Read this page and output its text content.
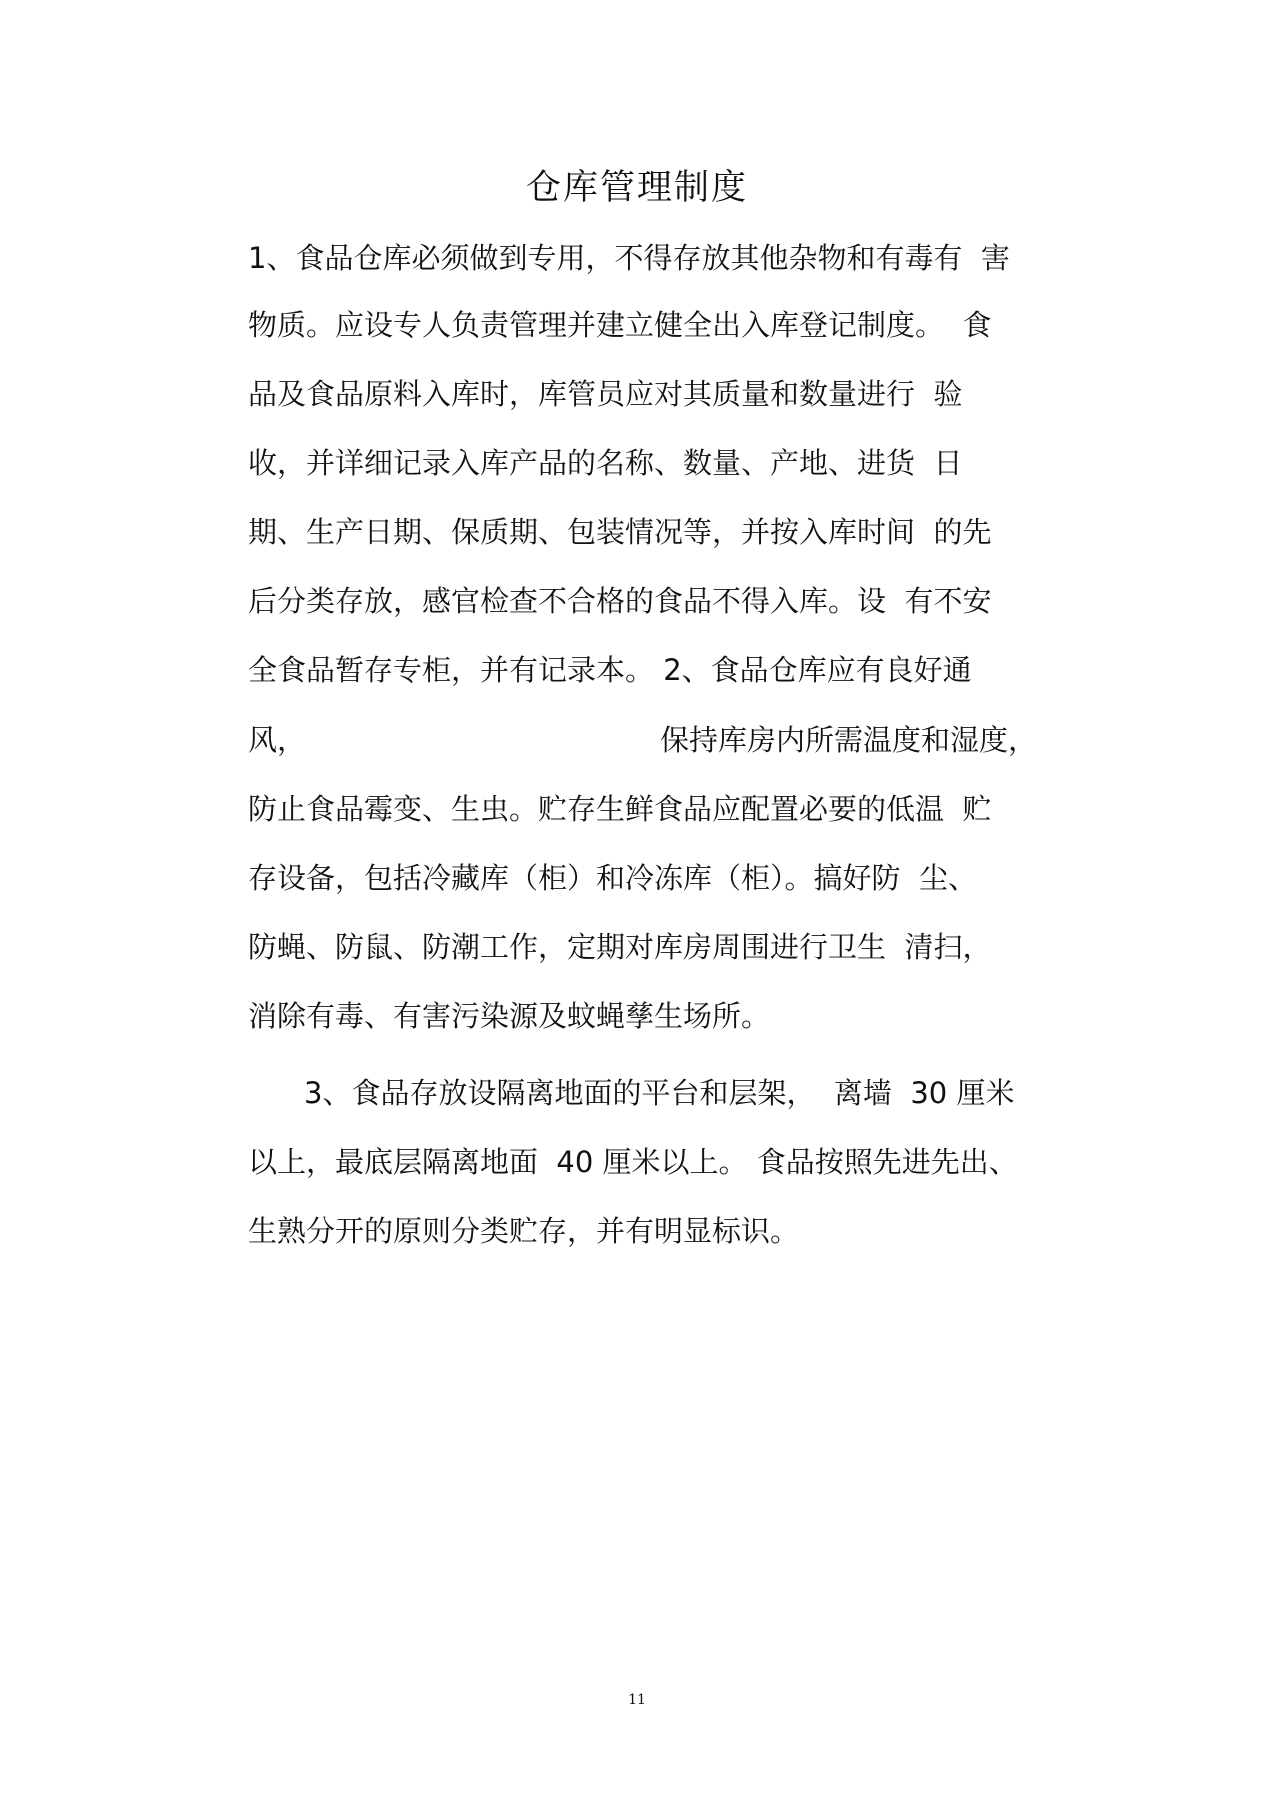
仓库管理制度
1、食品仓库必须做到专用，不得存放其他杂物和有毒有  害
物质。应设专人负责管理并建立健全出入库登记制度。  食
品及食品原料入库时，库管员应对其质量和数量进行  验
收，并详细记录入库产品的名称、数量、产地、进货  日
期、生产日期、保质期、包装情况等，并按入库时间  的先
后分类存放，感官检查不合格的食品不得入库。设  有不安
全食品暂存专柜，并有记录本。 2、食品仓库应有良好通
风，	保持库房内所需温度和湿度，
防止食品霉变、生虫。贮存生鲜食品应配置必要的低温  贮
存设备，包括冷藏库（柜）和冷冻库（柜）。搞好防  尘、
防蝇、防鼠、防潮工作，定期对库房周围进行卫生  清扫，
消除有毒、有害污染源及蚊蝇孳生场所。
3、食品存放设隔离地面的平台和层架，  离墙  30 厘米
以上，最底层隔离地面  40 厘米以上。 食品按照先进先出、
生熟分开的原则分类贮存，并有明显标识。
11
